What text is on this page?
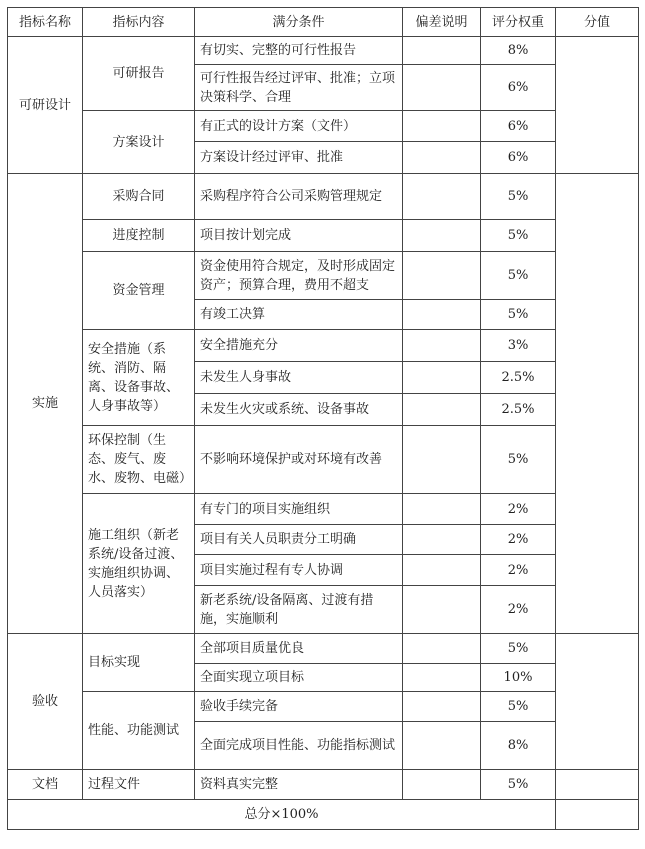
指标名称	指标内容	满分条件	偏差说明	评分权重	分值
可研设计	可研报告	有切实、完整的可行性报告		8%	
		可行性报告经过评审、批准；立项决策科学、合理		6%	
	方案设计	有正式的设计方案（文件）		6%	
		方案设计经过评审、批准		6%	
实施	采购合同	采购程序符合公司采购管理规定		5%	
	进度控制	项目按计划完成		5%	
	资金管理	资金使用符合规定，及时形成固定资产；预算合理，费用不超支		5%	
		有竣工决算		5%	
	安全措施（系统、消防、隔离、设备事故、人身事故等）	安全措施充分		3%	
		未发生人身事故		2.5%	
		未发生火灾或系统、设备事故		2.5%	
	环保控制（生态、废气、废水、废物、电磁）	不影响环境保护或对环境有改善		5%	
	施工组织（新老系统/设备过渡、实施组织协调、人员落实）	有专门的项目实施组织		2%	
		项目有关人员职责分工明确		2%	
		项目实施过程有专人协调		2%	
		新老系统/设备隔离、过渡有措施，实施顺利		2%	
验收	目标实现	全部项目质量优良		5%	
		全面实现立项目标		10%	
	性能、功能测试	验收手续完备		5%	
		全面完成项目性能、功能指标测试		8%	
文档	过程文件	资料真实完整		5%	
总分×100%					
